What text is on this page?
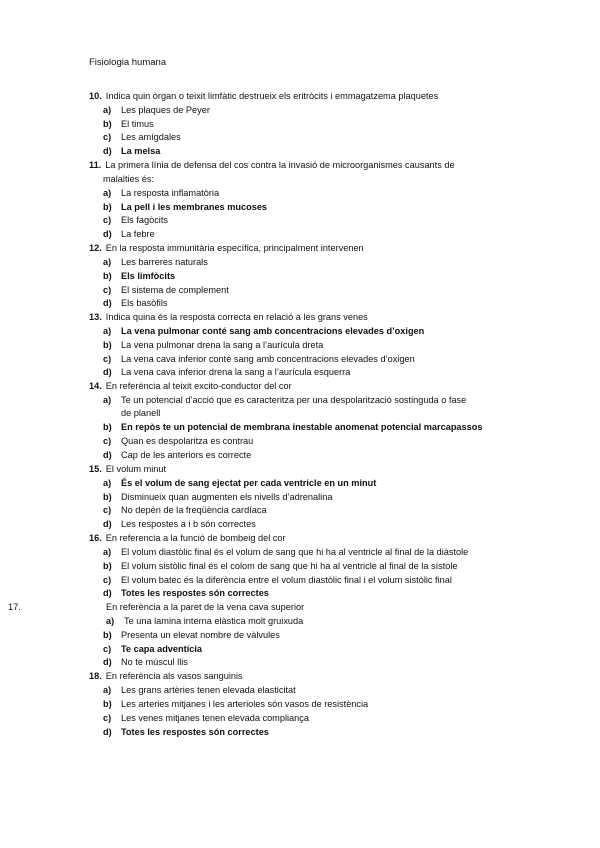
Fisiologia humana
10. Indica quin òrgan o teixit limfàtic destrueix els eritròcits i emmagatzema plaquetes
a) Les plaques de Peyer
b) El timus
c) Les amígdales
d) La melsa
11. La primera línia de defensa del cos contra la invasió de microorganismes causants de
malalties és:
a) La resposta inflamatòria
b) La pell i les membranes mucoses
c) Els fagòcits
d) La febre
12. En la resposta immunitària específica, principalment intervenen
a) Les barreres naturals
b) Els limfòcits
c) El sistema de complement
d) Els basòfils
13. Indica quina és la resposta correcta en relació a les grans venes
a) La vena pulmonar conté sang amb concentracions elevades d’oxigen
b) La vena pulmonar drena la sang a l’aurícula dreta
c) La vena cava inferior conté sang amb concentracions elevades d’oxigen
d) La vena cava inferior drena la sang a l’aurícula esquerra
14. En referència al teixit excito-conductor del cor
a) Te un potencial d’acció que es caracteritza per una despolarització sostinguda o fase
de planell
b) En repòs te un potencial de membrana inestable anomenat potencial marcapassos
c) Quan es despolaritza es contrau
d) Cap de les anteriors es correcte
15. El volum minut
a) És el volum de sang ejectat per cada ventricle en un minut
b) Disminueix quan augmenten els nivells d’adrenalina
c) No depèn de la freqüència cardíaca
d) Les respostes a i b són correctes
16. En referencia a la funció de bombeig del cor
a) El volum diastòlic final és el volum de sang que hi ha al ventricle al final de la diàstole
b) El volum sistòlic final és el colom de sang que hi ha al ventricle al final de la sístole
c) El volum batec és la diferència entre el volum diastòlic final i el volum sistòlic final
d) Totes les respostes són correctes
17.	En referència a la paret de la vena cava superior
a) Te una lamina interna elàstica molt gruixuda
b) Presenta un elevat nombre de vàlvules
c) Te capa adventícia
d) No te múscul llis
18. En referència als vasos sanguinis
a) Les grans artèries tenen elevada elasticitat
b) Les arteries mitjanes i les arterioles són vasos de resistència
c) Les venes mitjanes tenen elevada complianҫa
d) Totes les respostes són correctes
